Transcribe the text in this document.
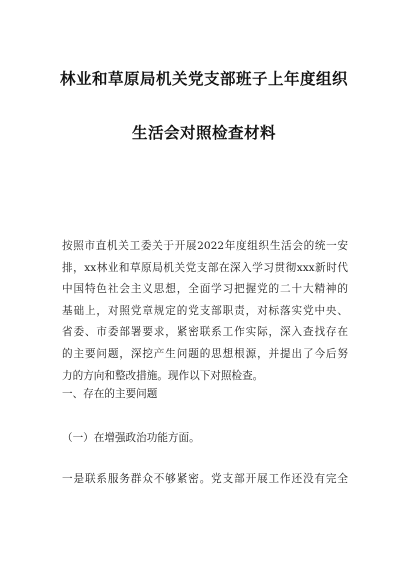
林业和草原局机关党支部班子上年度组织
生活会对照检查材料
按照市直机关工委关于开展2022年度组织生活会的统一安
排，xx林业和草原局机关党支部在深入学习贯彻xxx新时代
中国特色社会主义思想，全面学习把握党的二十大精神的
基础上，对照党章规定的党支部职责，对标落实党中央、
省委、市委部署要求，紧密联系工作实际，深入查找存在
的主要问题，深挖产生问题的思想根源，并提出了今后努
力的方向和整改措施。现作以下对照检查。
一、存在的主要问题
（一）在增强政治功能方面。
一是联系服务群众不够紧密。党支部开展工作还没有完全
